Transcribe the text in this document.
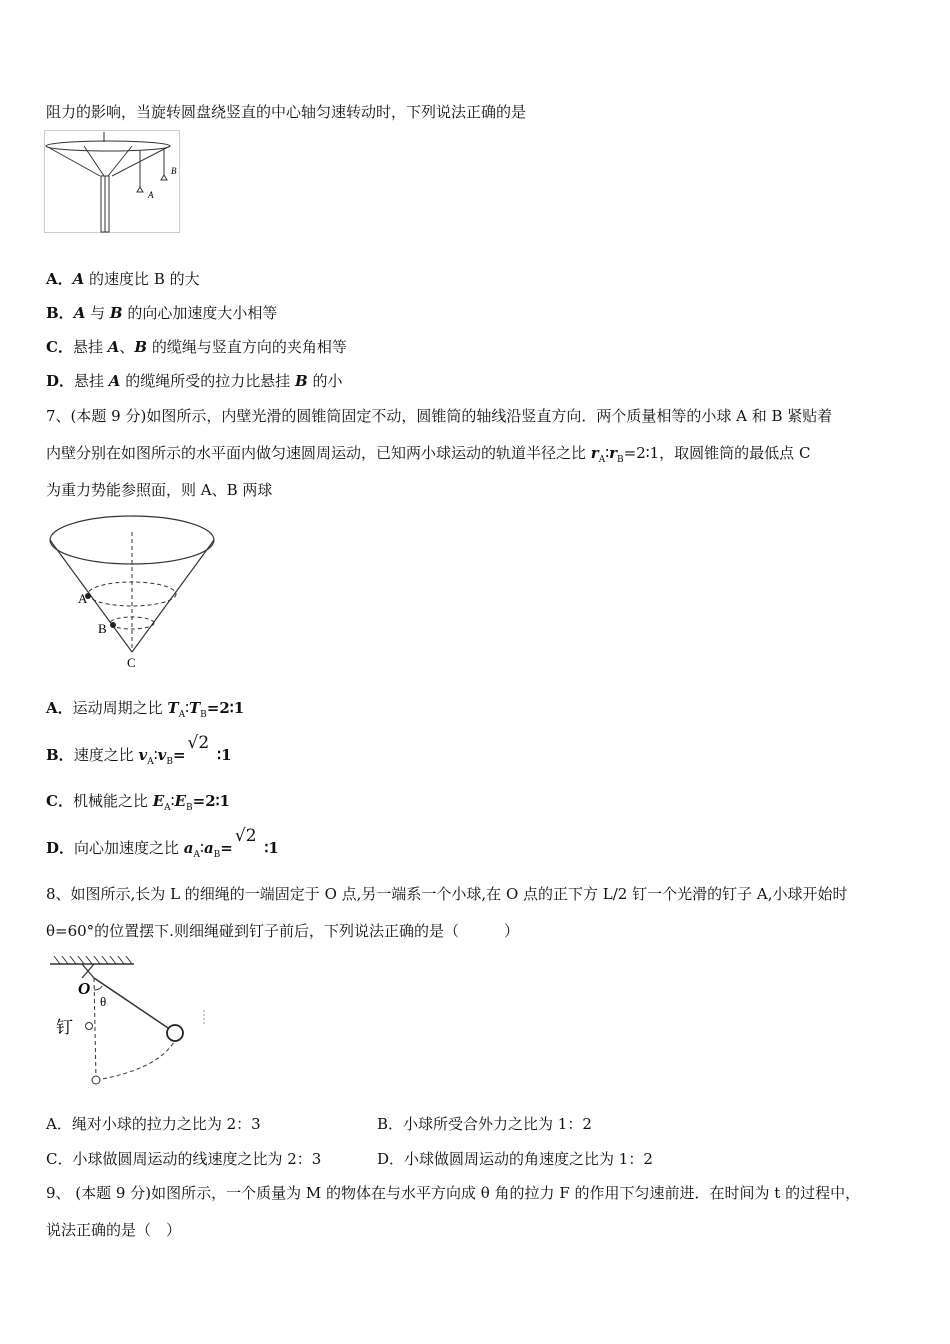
阻力的影响，当旋转圆盘绕竖直的中心轴匀速转动时，下列说法正确的是
A
B
A．A 的速度比 B 的大
B．A 与 B 的向心加速度大小相等
C．悬挂 A、B 的缆绳与竖直方向的夹角相等
D．悬挂 A 的缆绳所受的拉力比悬挂 B 的小
7、(本题 9 分)如图所示，内壁光滑的圆锥筒固定不动，圆锥筒的轴线沿竖直方向．两个质量相等的小球 A 和 B 紧贴着
内壁分别在如图所示的水平面内做匀速圆周运动，已知两小球运动的轨道半径之比 $r_A∶r_B=2∶1$，取圆锥筒的最低点 C
为重力势能参照面，则 A、B 两球
A
B
C
A．运动周期之比 $T_A∶T_B=2∶1$
B．速度之比 $v_A∶v_B=√2∶1$
C．机械能之比 $E_A∶E_B=2∶1$
D．向心加速度之比 $a_A∶a_B=√2∶1$
8、如图所示,长为 L 的细绳的一端固定于 O 点,另一端系一个小球,在 O 点的正下方 L/2 钉一个光滑的钉子 A,小球开始时
θ=60°的位置摆下.则细绳碰到钉子前后，下列说法正确的是（　　　）
O
θ
钉
A．绳对小球的拉力之比为 2：3	B．小球所受合外力之比为 1：2
C．小球做圆周运动的线速度之比为 2：3	D．小球做圆周运动的角速度之比为 1：2
9、 (本题 9 分)如图所示，一个质量为 M 的物体在与水平方向成 θ 角的拉力 F 的作用下匀速前进．在时间为 t 的过程中，
说法正确的是（　）
